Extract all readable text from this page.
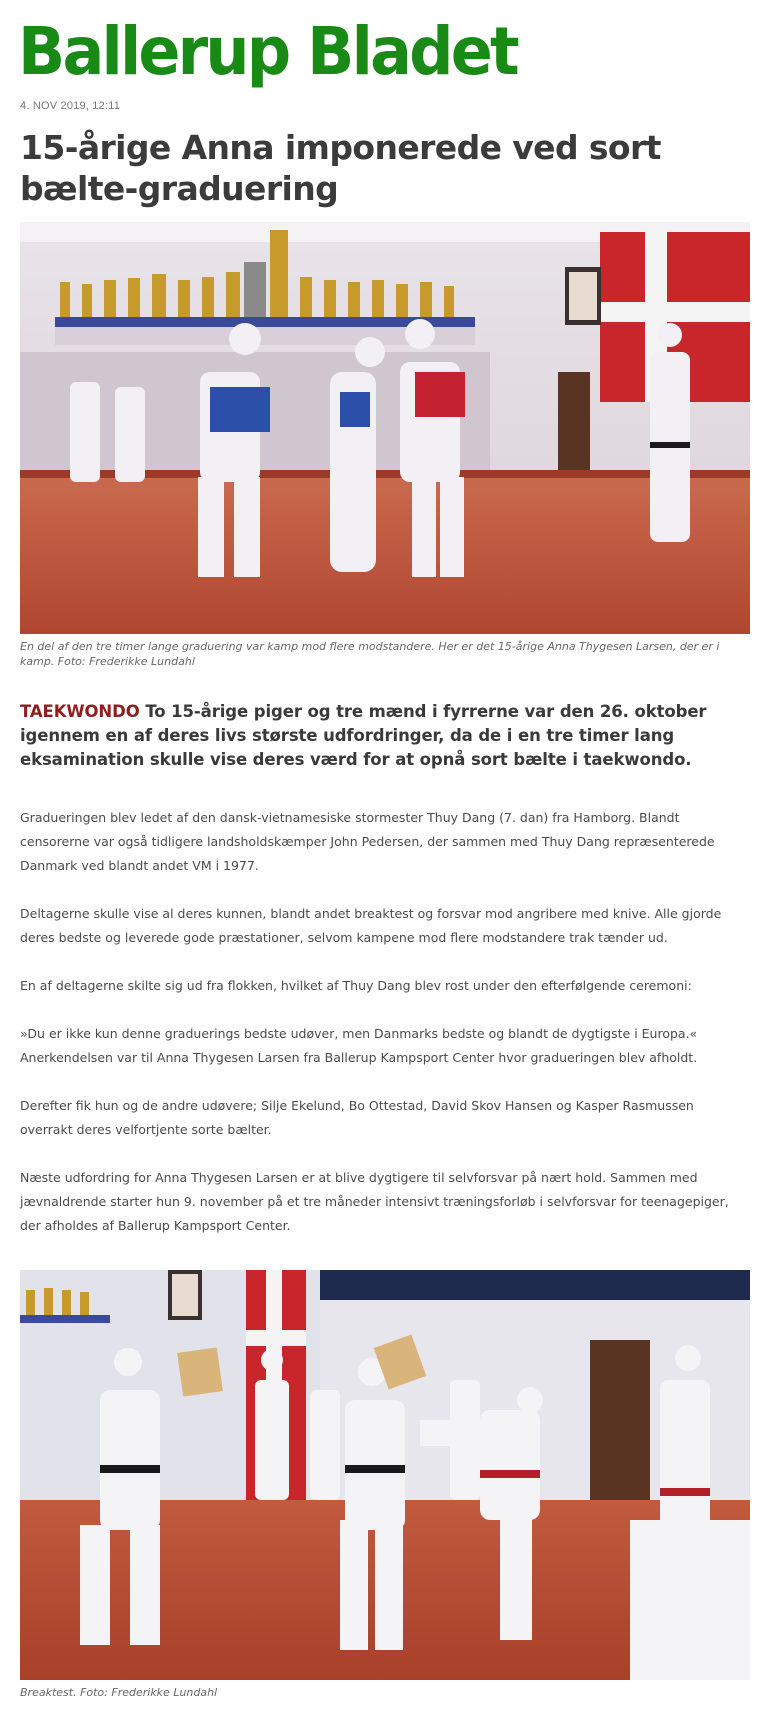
Ballerup Bladet
4. NOV 2019, 12:11
15-årige Anna imponerede ved sort bælte-graduering
En del af den tre timer lange graduering var kamp mod flere modstandere. Her er det 15-årige Anna Thygesen Larsen, der er i kamp. Foto: Frederikke Lundahl
TAEKWONDO To 15-årige piger og tre mænd i fyrrerne var den 26. oktober igennem en af deres livs største udfordringer, da de i en tre timer lang eksamination skulle vise deres værd for at opnå sort bælte i taekwondo.

Gradueringen blev ledet af den dansk-vietnamesiske stormester Thuy Dang (7. dan) fra Hamborg. Blandt censorerne var også tidligere landsholdskæmper John Pedersen, der sammen med Thuy Dang repræsenterede Danmark ved blandt andet VM i 1977.

Deltagerne skulle vise al deres kunnen, blandt andet breaktest og forsvar mod angribere med knive. Alle gjorde deres bedste og leverede gode præstationer, selvom kampene mod flere modstandere trak tænder ud.

En af deltagerne skilte sig ud fra flokken, hvilket af Thuy Dang blev rost under den efterfølgende ceremoni:

»Du er ikke kun denne graduerings bedste udøver, men Danmarks bedste og blandt de dygtigste i Europa.« Anerkendelsen var til Anna Thygesen Larsen fra Ballerup Kampsport Center hvor gradueringen blev afholdt.

Derefter fik hun og de andre udøvere; Silje Ekelund, Bo Ottestad, David Skov Hansen og Kasper Rasmussen overrakt deres velfortjente sorte bælter.

Næste udfordring for Anna Thygesen Larsen er at blive dygtigere til selvforsvar på nært hold. Sammen med jævnaldrende starter hun 9. november på et tre måneder intensivt træningsforløb i selvforsvar for teenagepiger, der afholdes af Ballerup Kampsport Center.

Breaktest. Foto: Frederikke Lundahl
